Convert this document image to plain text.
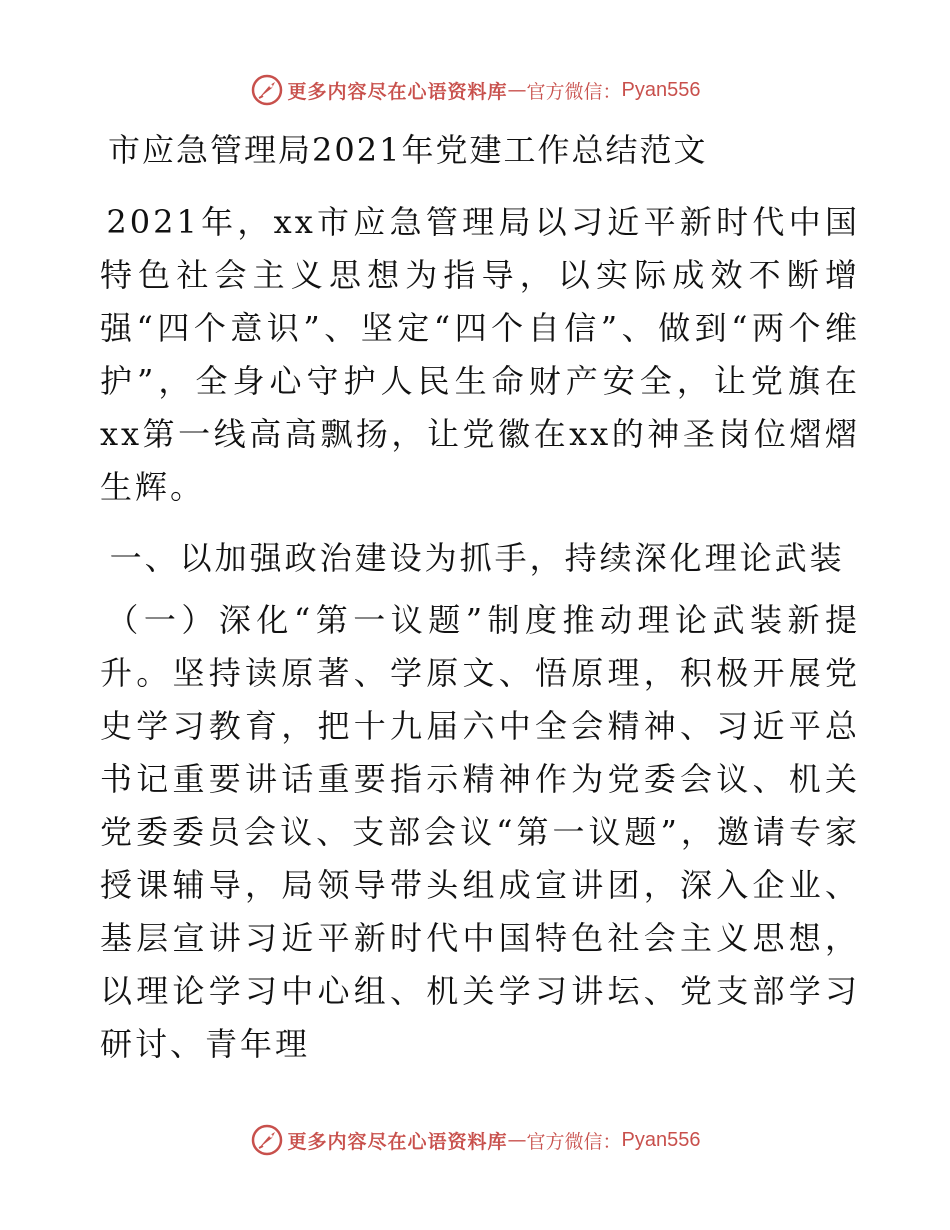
更多内容尽在心语资料库 — 官方微信： Pyan556
市应急管理局2021年党建工作总结范文

2021年，xx市应急管理局以习近平新时代中国特色社会主义思想为指导，以实际成效不断增强“四个意识”、坚定“四个自信”、做到“两个维护”，全身心守护人民生命财产安全，让党旗在xx第一线高高飘扬，让党徽在xx的神圣岗位熠熠生辉。

一、以加强政治建设为抓手，持续深化理论武装

（一）深化“第一议题”制度推动理论武装新提升。坚持读原著、学原文、悟原理，积极开展党史学习教育，把十九届六中全会精神、习近平总书记重要讲话重要指示精神作为党委会议、机关党委委员会议、支部会议“第一议题”，邀请专家授课辅导，局领导带头组成宣讲团，深入企业、基层宣讲习近平新时代中国特色社会主义思想，以理论学习中心组、机关学习讲坛、党支部学习研讨、青年理

更多内容尽在心语资料库 — 官方微信： Pyan556
